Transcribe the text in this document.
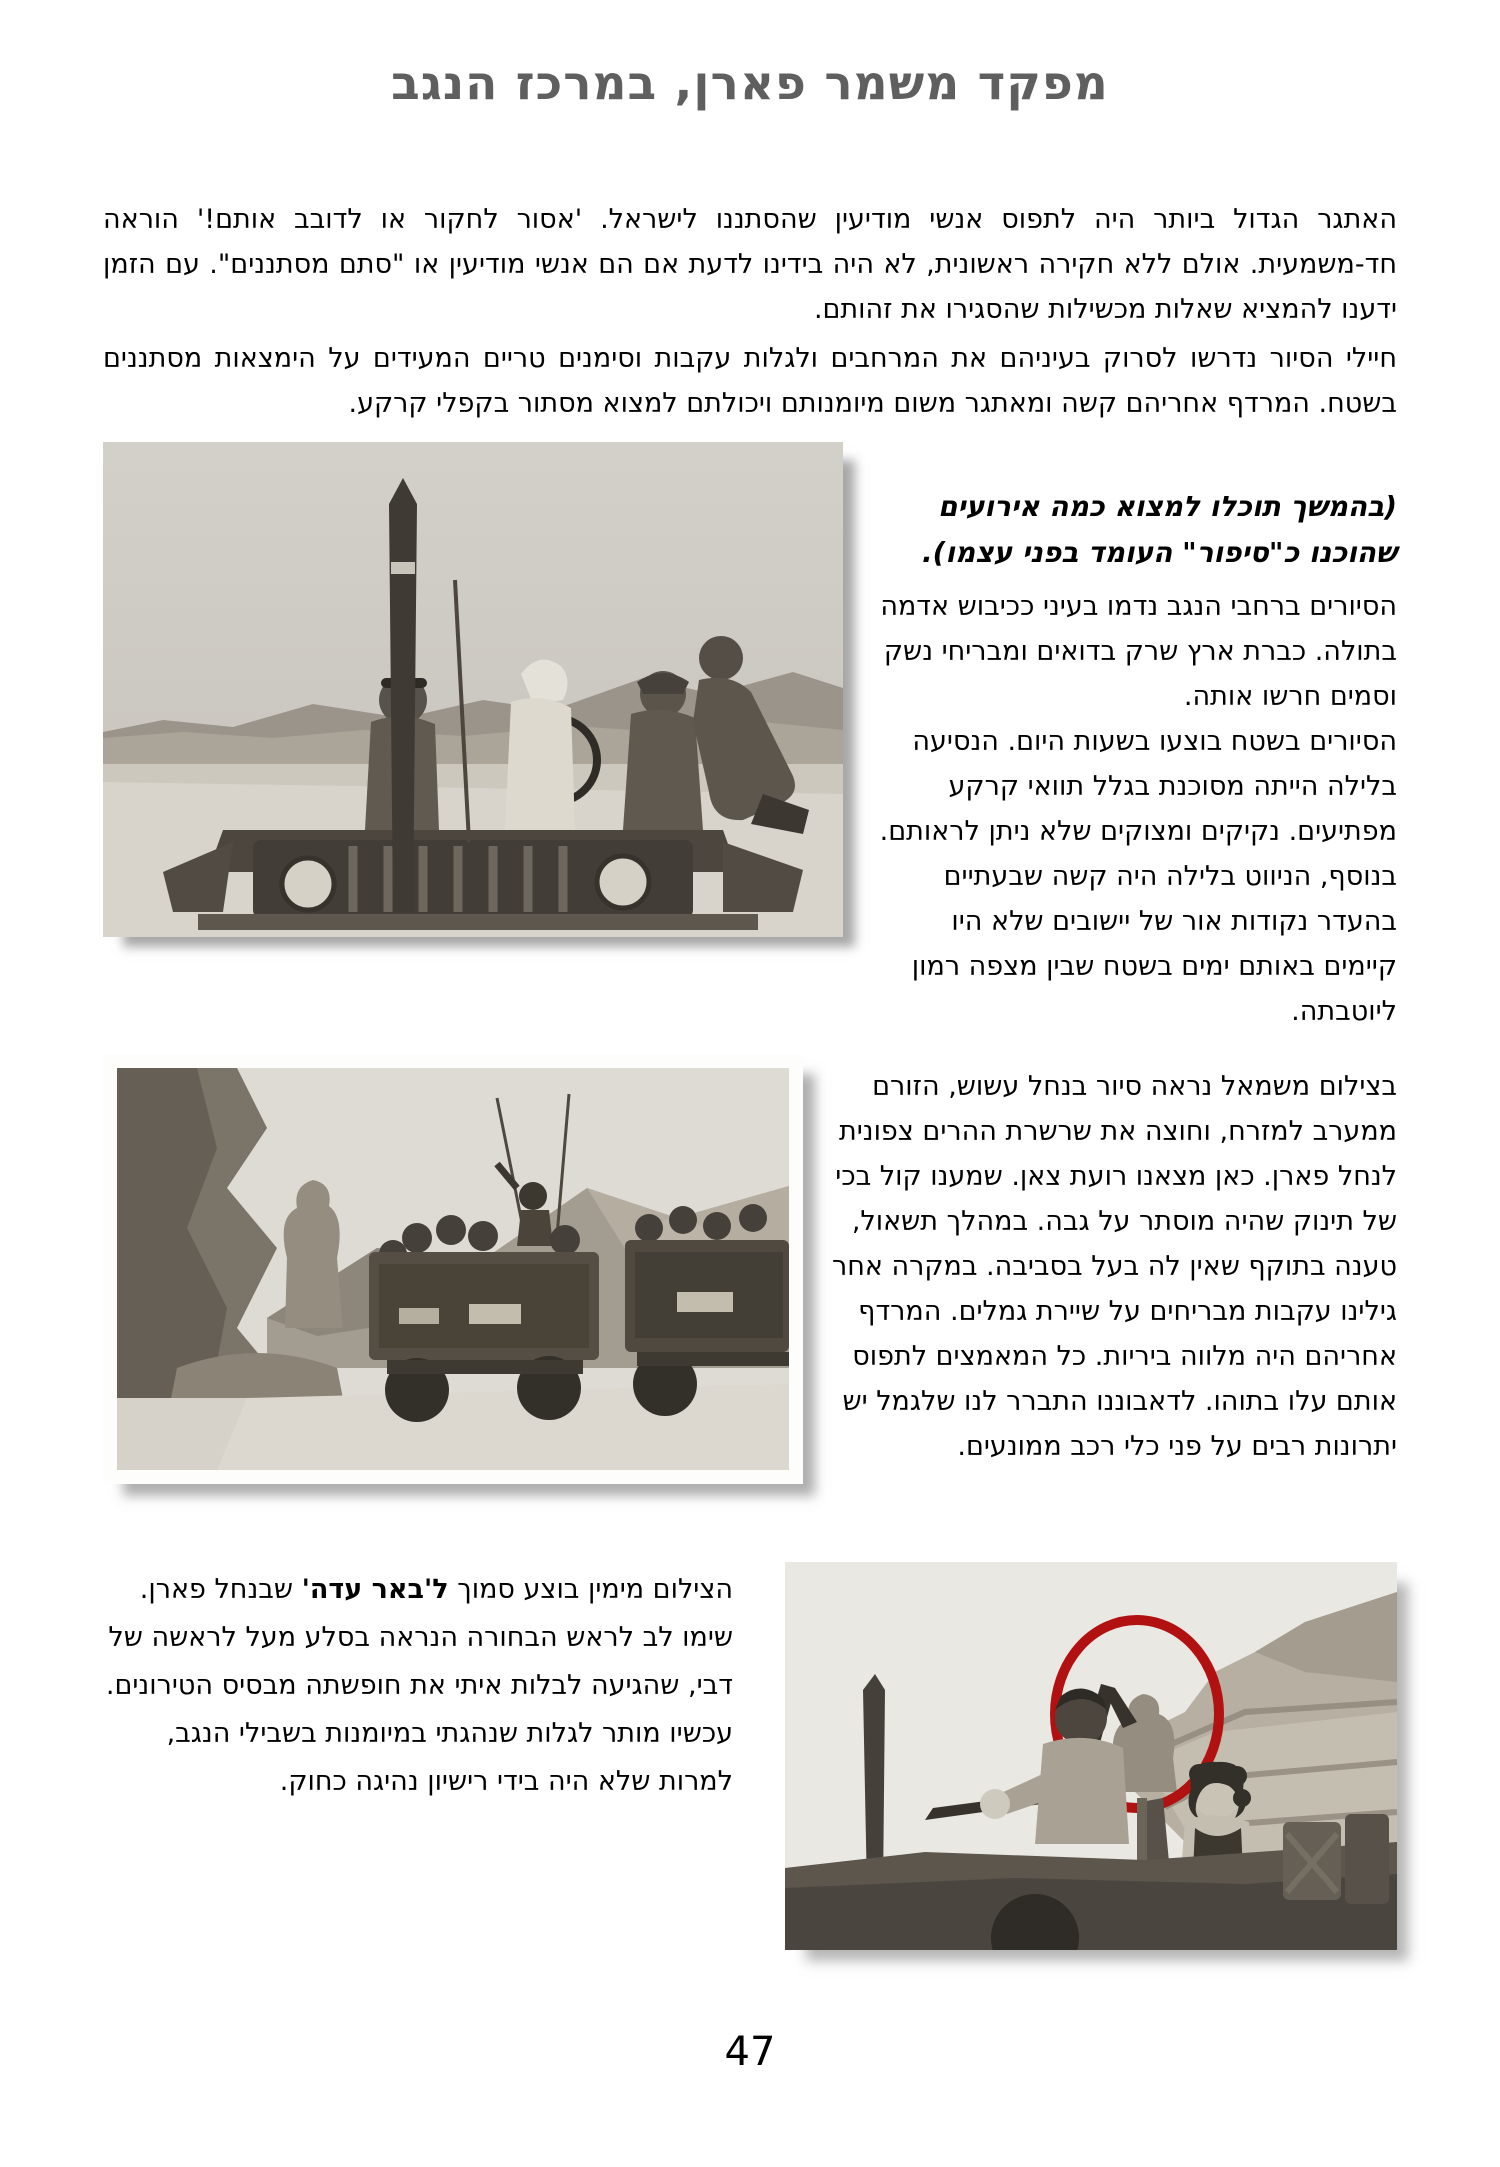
מפקד משמר פארן, במרכז הנגב

האתגר הגדול ביותר היה לתפוס אנשי מודיעין שהסתננו לישראל. 'אסור לחקור או לדובב אותם!' הוראה חד-משמעית. אולם ללא חקירה ראשונית, לא היה בידינו לדעת אם הם אנשי מודיעין או "סתם מסתננים". עם הזמן ידענו להמציא שאלות מכשילות שהסגירו את זהותם.

חיילי הסיור נדרשו לסרוק בעיניהם את המרחבים ולגלות עקבות וסימנים טריים המעידים על הימצאות מסתננים בשטח. המרדף אחריהם קשה ומאתגר משום מיומנותם ויכולתם למצוא מסתור בקפלי קרקע.

(בהמשך תוכלו למצוא כמה אירועים שהוכנו כ"סיפור" העומד בפני עצמו).

הסיורים ברחבי הנגב נדמו בעיני ככיבוש אדמה בתולה. כברת ארץ שרק בדואים ומבריחי נשק וסמים חרשו אותה.

הסיורים בשטח בוצעו בשעות היום. הנסיעה בלילה הייתה מסוכנת בגלל תוואי קרקע מפתיעים. נקיקים ומצוקים שלא ניתן לראותם. בנוסף, הניווט בלילה היה קשה שבעתיים בהעדר נקודות אור של יישובים שלא היו קיימים באותם ימים בשטח שבין מצפה רמון ליוטבתה.

בצילום משמאל נראה סיור בנחל עשוש, הזורם ממערב למזרח, וחוצה את שרשרת ההרים צפונית לנחל פארן. כאן מצאנו רועת צאן. שמענו קול בכי של תינוק שהיה מוסתר על גבה. במהלך תשאול, טענה בתוקף שאין לה בעל בסביבה. במקרה אחר גילינו עקבות מבריחים על שיירת גמלים. המרדף אחריהם היה מלווה ביריות. כל המאמצים לתפוס אותם עלו בתוהו. לדאבוננו התברר לנו שלגמל יש יתרונות רבים על פני כלי רכב ממונעים.

הצילום מימין בוצע סמוך ל'באר עדה' שבנחל פארן. שימו לב לראש הבחורה הנראה בסלע מעל לראשה של דבי, שהגיעה לבלות איתי את חופשתה מבסיס הטירונים.

עכשיו מותר לגלות שנהגתי במיומנות בשבילי הנגב, למרות שלא היה בידי רישיון נהיגה כחוק.

47
